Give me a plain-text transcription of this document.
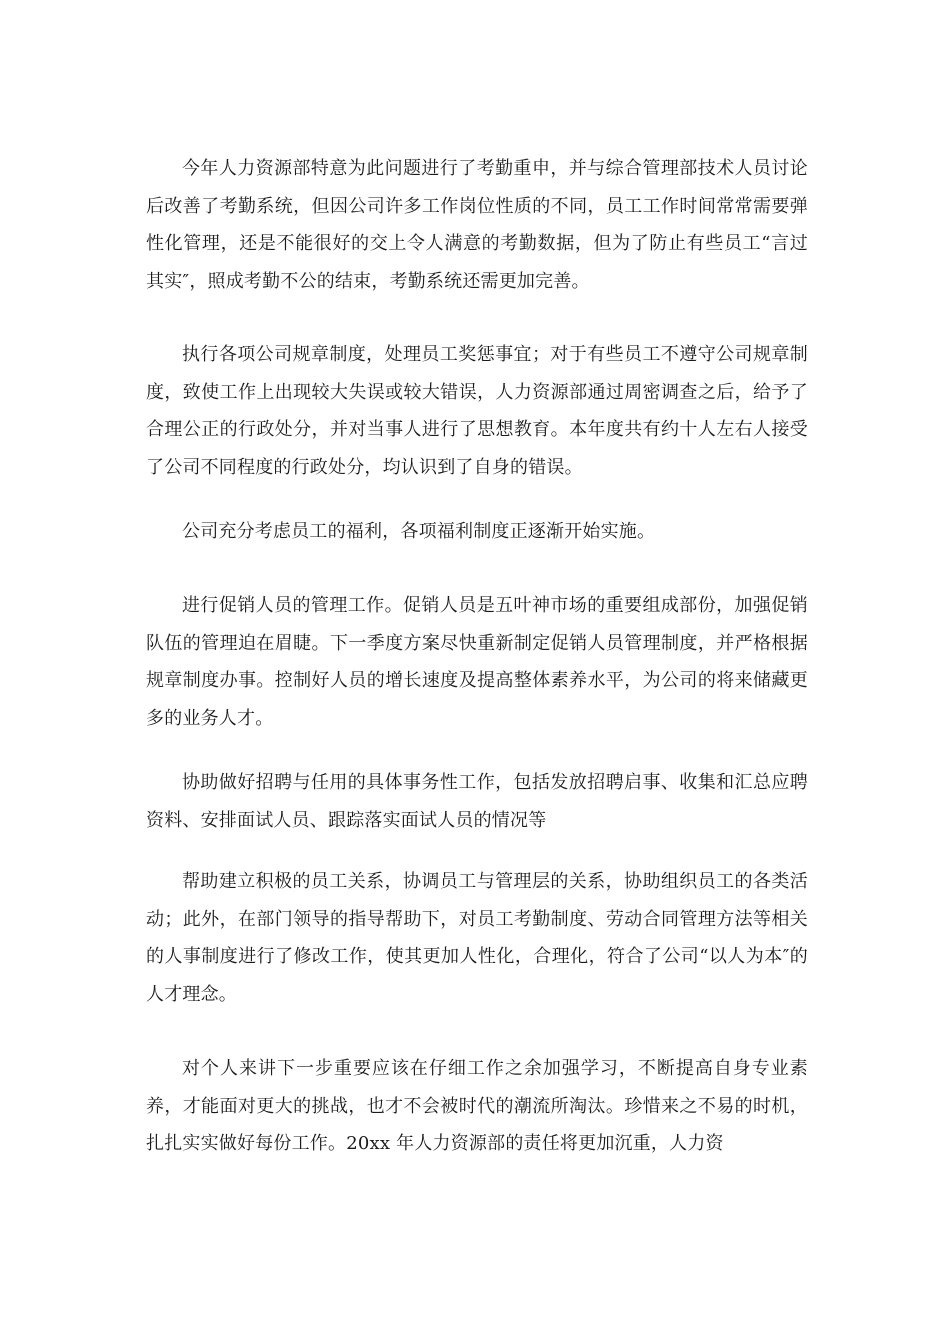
今年人力资源部特意为此问题进行了考勤重申，并与综合管理部技术人员讨论后改善了考勤系统，但因公司许多工作岗位性质的不同，员工工作时间常常需要弹性化管理，还是不能很好的交上令人满意的考勤数据，但为了防止有些员工“言过其实″，照成考勤不公的结束，考勤系统还需更加完善。

执行各项公司规章制度，处理员工奖惩事宜；对于有些员工不遵守公司规章制度，致使工作上出现较大失误或较大错误，人力资源部通过周密调查之后，给予了合理公正的行政处分，并对当事人进行了思想教育。本年度共有约十人左右人接受了公司不同程度的行政处分，均认识到了自身的错误。

公司充分考虑员工的福利，各项福利制度正逐渐开始实施。

进行促销人员的管理工作。促销人员是五叶神市场的重要组成部份，加强促销队伍的管理迫在眉睫。下一季度方案尽快重新制定促销人员管理制度，并严格根据规章制度办事。控制好人员的增长速度及提高整体素养水平，为公司的将来储藏更多的业务人才。

协助做好招聘与任用的具体事务性工作，包括发放招聘启事、收集和汇总应聘资料、安排面试人员、跟踪落实面试人员的情况等

帮助建立积极的员工关系，协调员工与管理层的关系，协助组织员工的各类活动；此外，在部门领导的指导帮助下，对员工考勤制度、劳动合同管理方法等相关的人事制度进行了修改工作，使其更加人性化，合理化，符合了公司“以人为本″的人才理念。

对个人来讲下一步重要应该在仔细工作之余加强学习，不断提高自身专业素养，才能面对更大的挑战，也才不会被时代的潮流所淘汰。珍惜来之不易的时机，扎扎实实做好每份工作。20xx 年人力资源部的责任将更加沉重，人力资
